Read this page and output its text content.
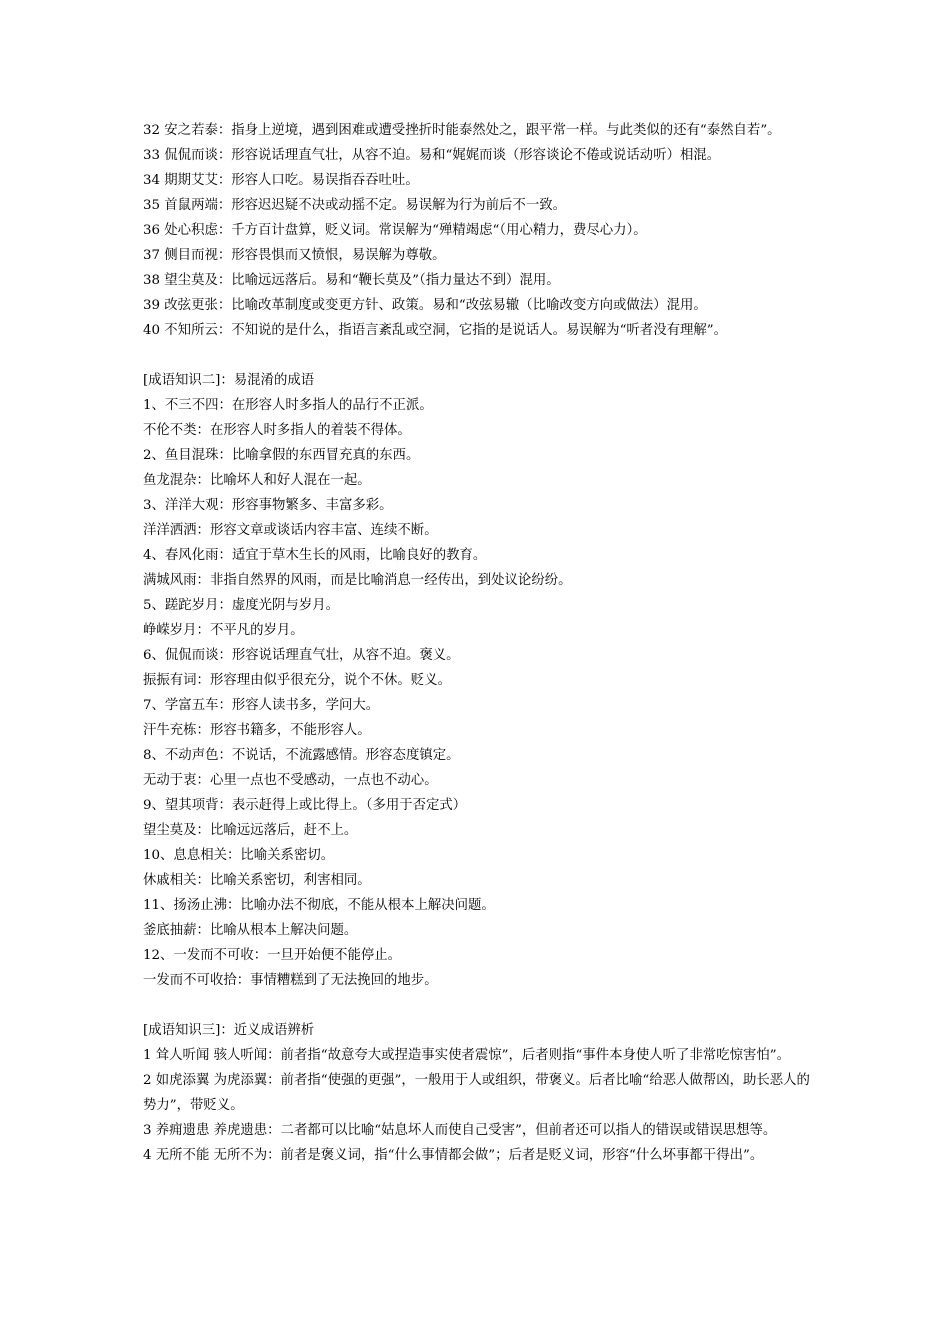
32 安之若泰：指身上逆境，遇到困难或遭受挫折时能泰然处之，跟平常一样。与此类似的还有“泰然自若”。
33 侃侃而谈：形容说话理直气壮，从容不迫。易和“娓娓而谈（形容谈论不倦或说话动听）相混。
34 期期艾艾：形容人口吃。易误指吞吞吐吐。
35 首鼠两端：形容迟迟疑不决或动摇不定。易误解为行为前后不一致。
36 处心积虑：千方百计盘算，贬义词。常误解为“殚精竭虑“（用心精力，费尽心力）。
37 侧目而视：形容畏惧而又愤恨，易误解为尊敬。
38 望尘莫及：比喻远远落后。易和“鞭长莫及”（指力量达不到）混用。
39 改弦更张：比喻改革制度或变更方针、政策。易和“改弦易辙（比喻改变方向或做法）混用。
40 不知所云：不知说的是什么，指语言紊乱或空洞，它指的是说话人。易误解为“听者没有理解”。
[成语知识二]：易混淆的成语
1、不三不四：在形容人时多指人的品行不正派。
不伦不类：在形容人时多指人的着装不得体。
2、鱼目混珠：比喻拿假的东西冒充真的东西。
鱼龙混杂：比喻坏人和好人混在一起。
3、洋洋大观：形容事物繁多、丰富多彩。
洋洋洒洒：形容文章或谈话内容丰富、连续不断。
4、春风化雨：适宜于草木生长的风雨，比喻良好的教育。
满城风雨：非指自然界的风雨，而是比喻消息一经传出，到处议论纷纷。
5、蹉跎岁月：虚度光阴与岁月。
峥嵘岁月：不平凡的岁月。
6、侃侃而谈：形容说话理直气壮，从容不迫。褒义。
振振有词：形容理由似乎很充分，说个不休。贬义。
7、学富五车：形容人读书多，学问大。
汗牛充栋：形容书籍多，不能形容人。
8、不动声色：不说话，不流露感情。形容态度镇定。
无动于衷：心里一点也不受感动，一点也不动心。
9、望其项背：表示赶得上或比得上。（多用于否定式）
望尘莫及：比喻远远落后，赶不上。
10、息息相关：比喻关系密切。
休戚相关：比喻关系密切，利害相同。
11、扬汤止沸：比喻办法不彻底，不能从根本上解决问题。
釜底抽薪：比喻从根本上解决问题。
12、一发而不可收：一旦开始便不能停止。
一发而不可收拾：事情糟糕到了无法挽回的地步。
[成语知识三]：近义成语辨析
1 耸人听闻 骇人听闻：前者指“故意夸大或捏造事实使者震惊”，后者则指“事件本身使人听了非常吃惊害怕”。
2 如虎添翼 为虎添翼：前者指“使强的更强”，一般用于人或组织，带褒义。后者比喻“给恶人做帮凶，助长恶人的势力”，带贬义。
3 养痈遗患 养虎遗患：二者都可以比喻“姑息坏人而使自己受害”，但前者还可以指人的错误或错误思想等。
4 无所不能 无所不为：前者是褒义词，指“什么事情都会做”；后者是贬义词，形容“什么坏事都干得出”。
